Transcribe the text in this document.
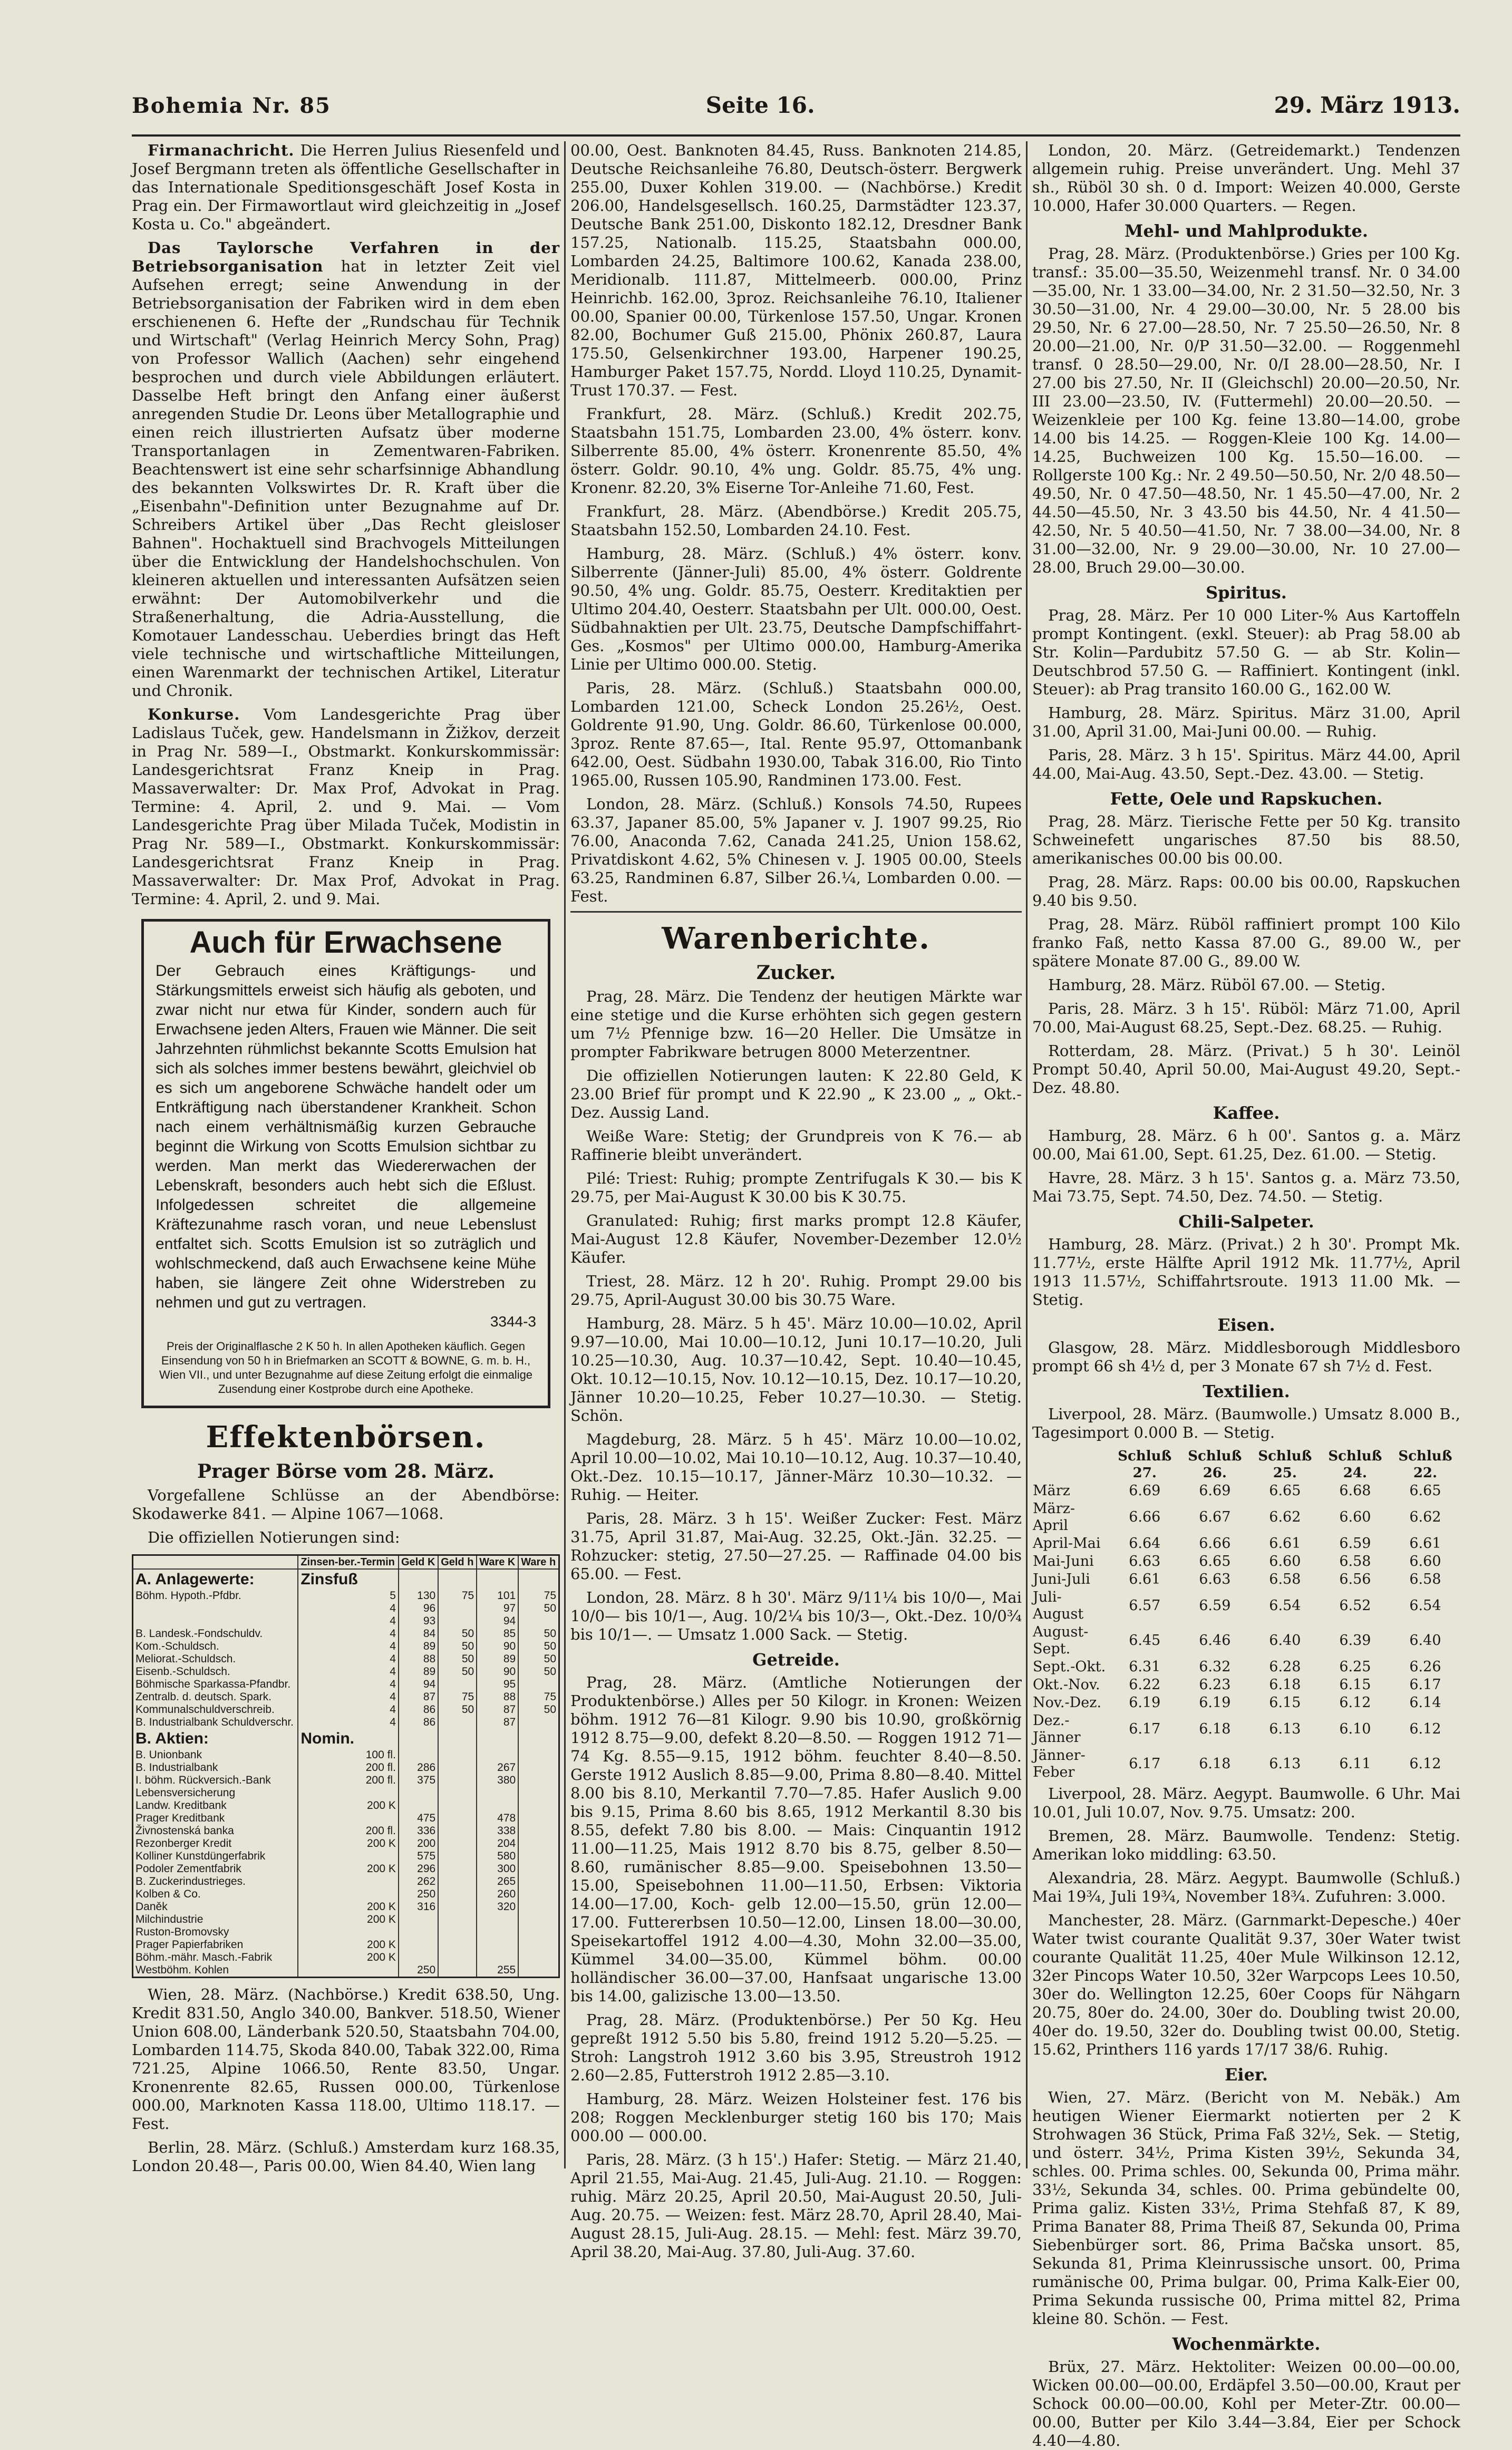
Bohemia Nr. 85	Seite 16.	29. März 1913.

Firmanachricht. Die Herren Julius Riesenfeld und Josef Bergmann treten als öffentliche Gesellschafter in das Internationale Speditionsgeschäft Josef Kosta in Prag ein. Der Firmawortlaut wird gleichzeitig in „Josef Kosta u. Co." abgeändert.

Das Taylorsche Verfahren in der Betriebsorganisation hat in letzter Zeit viel Aufsehen erregt; seine Anwendung in der Betriebsorganisation der Fabriken wird in dem eben erschienenen 6. Hefte der „Rundschau für Technik und Wirtschaft" (Verlag Heinrich Mercy Sohn, Prag) von Professor Wallich (Aachen) sehr eingehend besprochen und durch viele Abbildungen erläutert. Dasselbe Heft bringt den Anfang einer äußerst anregenden Studie Dr. Leons über Metallographie und einen reich illustrierten Aufsatz über moderne Transportanlagen in Zementwaren-Fabriken. Beachtenswert ist eine sehr scharfsinnige Abhandlung des bekannten Volkswirtes Dr. R. Kraft über die „Eisenbahn"-Definition unter Bezugnahme auf Dr. Schreibers Artikel über „Das Recht gleisloser Bahnen". Hochaktuell sind Brachvogels Mitteilungen über die Entwicklung der Handelshochschulen. Von kleineren aktuellen und interessanten Aufsätzen seien erwähnt: Der Automobilverkehr und die Straßenerhaltung, die Adria-Ausstellung, die Komotauer Landesschau. Ueberdies bringt das Heft viele technische und wirtschaftliche Mitteilungen, einen Warenmarkt der technischen Artikel, Literatur und Chronik.

Konkurse. Vom Landesgerichte Prag über Ladislaus Tuček, gew. Handelsmann in Žižkov, derzeit in Prag Nr. 589—I., Obstmarkt. Konkurskommissär: Landesgerichtsrat Franz Kneip in Prag. Massaverwalter: Dr. Max Prof, Advokat in Prag. Termine: 4. April, 2. und 9. Mai. — Vom Landesgerichte Prag über Milada Tuček, Modistin in Prag Nr. 589—I., Obstmarkt. Konkurskommissär: Landesgerichtsrat Franz Kneip in Prag. Massaverwalter: Dr. Max Prof, Advokat in Prag. Termine: 4. April, 2. und 9. Mai.

Auch für Erwachsene
Der Gebrauch eines Kräftigungs- und Stärkungsmittels erweist sich häufig als geboten, und zwar nicht nur etwa für Kinder, sondern auch für Erwachsene jeden Alters, Frauen wie Männer. Die seit Jahrzehnten rühmlichst bekannte Scotts Emulsion hat sich als solches immer bestens bewährt, gleichviel ob es sich um angeborene Schwäche handelt oder um Entkräftigung nach überstandener Krankheit. Schon nach einem verhältnismäßig kurzen Gebrauche beginnt die Wirkung von Scotts Emulsion sichtbar zu werden. Man merkt das Wiedererwachen der Lebenskraft, besonders auch hebt sich die Eßlust. Infolgedessen schreitet die allgemeine Kräftezunahme rasch voran, und neue Lebenslust entfaltet sich. Scotts Emulsion ist so zuträglich und wohlschmeckend, daß auch Erwachsene keine Mühe haben, sie längere Zeit ohne Widerstreben zu nehmen und gut zu vertragen.
3344-3
Preis der Originalflasche 2 K 50 h. In allen Apotheken käuflich. Gegen Einsendung von 50 h in Briefmarken an SCOTT & BOWNE, G. m. b. H., Wien VII., und unter Bezugnahme auf diese Zeitung erfolgt die einmalige Zusendung einer Kostprobe durch eine Apotheke.
Effektenbörsen.
Prager Börse vom 28. März.

Vorgefallene Schlüsse an der Abendbörse: Skodawerke 841. — Alpine 1067—1068.

Die offiziellen Notierungen sind:

	Zinsen-ber.-Termin	Geld K	Geld h	Ware K	Ware h
A. Anlagewerte:	Zinsfuß				
Böhm. Hypoth.-Pfdbr.	5	130	75	101	75
	4	96		97	50
	4	93		94	
B. Landesk.-Fondschuldv.	4	84	50	85	50
Kom.-Schuldsch.	4	89	50	90	50
Meliorat.-Schuldsch.	4	88	50	89	50
Eisenb.-Schuldsch.	4	89	50	90	50
Böhmische Sparkassa-Pfandbr.	4	94		95	
Zentralb. d. deutsch. Spark.	4	87	75	88	75
Kommunalschuldverschreib.	4	86	50	87	50
B. Industrialbank Schuldverschr.	4	86		87	
B. Aktien:	Nomin.				
B. Unionbank	100 fl.				
B. Industrialbank	200 fl.	286		267	
I. böhm. Rückversich.-Bank	200 fl.	375		380	
Lebensversicherung					
Landw. Kreditbank	200 K				
Prager Kreditbank		475		478	
Živnostenská banka	200 fl.	336		338	
Rezonberger Kredit	200 K	200		204	
Kolliner Kunstdüngerfabrik		575		580	
Podoler Zementfabrik	200 K	296		300	
B. Zuckerindustrieges.		262		265	
Kolben & Co.		250		260	
Daněk	200 K	316		320	
Milchindustrie	200 K				
Ruston-Bromovsky					
Prager Papierfabriken	200 K				
Böhm.-mähr. Masch.-Fabrik	200 K				
Westböhm. Kohlen		250		255	

Wien, 28. März. (Nachbörse.) Kredit 638.50, Ung. Kredit 831.50, Anglo 340.00, Bankver. 518.50, Wiener Union 608.00, Länderbank 520.50, Staatsbahn 704.00, Lombarden 114.75, Skoda 840.00, Tabak 322.00, Rima 721.25, Alpine 1066.50, Rente 83.50, Ungar. Kronenrente 82.65, Russen 000.00, Türkenlose 000.00, Marknoten Kassa 118.00, Ultimo 118.17. — Fest.

Berlin, 28. März. (Schluß.) Amsterdam kurz 168.35, London 20.48—, Paris 00.00, Wien 84.40, Wien lang

00.00, Oest. Banknoten 84.45, Russ. Banknoten 214.85, Deutsche Reichsanleihe 76.80, Deutsch-österr. Bergwerk 255.00, Duxer Kohlen 319.00. — (Nachbörse.) Kredit 206.00, Handelsgesellsch. 160.25, Darmstädter 123.37, Deutsche Bank 251.00, Diskonto 182.12, Dresdner Bank 157.25, Nationalb. 115.25, Staatsbahn 000.00, Lombarden 24.25, Baltimore 100.62, Kanada 238.00, Meridionalb. 111.87, Mittelmeerb. 000.00, Prinz Heinrichb. 162.00, 3proz. Reichsanleihe 76.10, Italiener 00.00, Spanier 00.00, Türkenlose 157.50, Ungar. Kronen 82.00, Bochumer Guß 215.00, Phönix 260.87, Laura 175.50, Gelsenkirchner 193.00, Harpener 190.25, Hamburger Paket 157.75, Nordd. Lloyd 110.25, Dynamit-Trust 170.37. — Fest.

Frankfurt, 28. März. (Schluß.) Kredit 202.75, Staatsbahn 151.75, Lombarden 23.00, 4% österr. konv. Silberrente 85.00, 4% österr. Kronenrente 85.50, 4% österr. Goldr. 90.10, 4% ung. Goldr. 85.75, 4% ung. Kronenr. 82.20, 3% Eiserne Tor-Anleihe 71.60, Fest.

Frankfurt, 28. März. (Abendbörse.) Kredit 205.75, Staatsbahn 152.50, Lombarden 24.10. Fest.

Hamburg, 28. März. (Schluß.) 4% österr. konv. Silberrente (Jänner-Juli) 85.00, 4% österr. Goldrente 90.50, 4% ung. Goldr. 85.75, Oesterr. Kreditaktien per Ultimo 204.40, Oesterr. Staatsbahn per Ult. 000.00, Oest. Südbahnaktien per Ult. 23.75, Deutsche Dampfschiffahrt-Ges. „Kosmos" per Ultimo 000.00, Hamburg-Amerika Linie per Ultimo 000.00. Stetig.

Paris, 28. März. (Schluß.) Staatsbahn 000.00, Lombarden 121.00, Scheck London 25.26½, Oest. Goldrente 91.90, Ung. Goldr. 86.60, Türkenlose 00.000, 3proz. Rente 87.65—, Ital. Rente 95.97, Ottomanbank 642.00, Oest. Südbahn 1930.00, Tabak 316.00, Rio Tinto 1965.00, Russen 105.90, Randminen 173.00. Fest.

London, 28. März. (Schluß.) Konsols 74.50, Rupees 63.37, Japaner 85.00, 5% Japaner v. J. 1907 99.25, Rio 76.00, Anaconda 7.62, Canada 241.25, Union 158.62, Privatdiskont 4.62, 5% Chinesen v. J. 1905 00.00, Steels 63.25, Randminen 6.87, Silber 26.¼, Lombarden 0.00. — Fest.

Warenberichte.
Zucker.

Prag, 28. März. Die Tendenz der heutigen Märkte war eine stetige und die Kurse erhöhten sich gegen gestern um 7½ Pfennige bzw. 16—20 Heller. Die Umsätze in prompter Fabrikware betrugen 8000 Meterzentner.

Die offiziellen Notierungen lauten: K 22.80 Geld, K 23.00 Brief für prompt und K 22.90 „ K 23.00 „ „ Okt.-Dez. Aussig Land.

Weiße Ware: Stetig; der Grundpreis von K 76.— ab Raffinerie bleibt unverändert.

Pilé: Triest: Ruhig; prompte Zentrifugals K 30.— bis K 29.75, per Mai-August K 30.00 bis K 30.75.

Granulated: Ruhig; first marks prompt 12.8 Käufer, Mai-August 12.8 Käufer, November-Dezember 12.0½ Käufer.

Triest, 28. März. 12 h 20'. Ruhig. Prompt 29.00 bis 29.75, April-August 30.00 bis 30.75 Ware.

Hamburg, 28. März. 5 h 45'. März 10.00—10.02, April 9.97—10.00, Mai 10.00—10.12, Juni 10.17—10.20, Juli 10.25—10.30, Aug. 10.37—10.42, Sept. 10.40—10.45, Okt. 10.12—10.15, Nov. 10.12—10.15, Dez. 10.17—10.20, Jänner 10.20—10.25, Feber 10.27—10.30. — Stetig. Schön.

Magdeburg, 28. März. 5 h 45'. März 10.00—10.02, April 10.00—10.02, Mai 10.10—10.12, Aug. 10.37—10.40, Okt.-Dez. 10.15—10.17, Jänner-März 10.30—10.32. — Ruhig. — Heiter.

Paris, 28. März. 3 h 15'. Weißer Zucker: Fest. März 31.75, April 31.87, Mai-Aug. 32.25, Okt.-Jän. 32.25. — Rohzucker: stetig, 27.50—27.25. — Raffinade 04.00 bis 65.00. — Fest.

London, 28. März. 8 h 30'. März 9/11¼ bis 10/0—, Mai 10/0— bis 10/1—, Aug. 10/2¼ bis 10/3—, Okt.-Dez. 10/0¾ bis 10/1—. — Umsatz 1.000 Sack. — Stetig.

Getreide.

Prag, 28. März. (Amtliche Notierungen der Produktenbörse.) Alles per 50 Kilogr. in Kronen: Weizen böhm. 1912 76—81 Kilogr. 9.90 bis 10.90, großkörnig 1912 8.75—9.00, defekt 8.20—8.50. — Roggen 1912 71—74 Kg. 8.55—9.15, 1912 böhm. feuchter 8.40—8.50. Gerste 1912 Auslich 8.85—9.00, Prima 8.80—8.40. Mittel 8.00 bis 8.10, Merkantil 7.70—7.85. Hafer Auslich 9.00 bis 9.15, Prima 8.60 bis 8.65, 1912 Merkantil 8.30 bis 8.55, defekt 7.80 bis 8.00. — Mais: Cinquantin 1912 11.00—11.25, Mais 1912 8.70 bis 8.75, gelber 8.50—8.60, rumänischer 8.85—9.00. Speisebohnen 13.50—15.00, Speisebohnen 11.00—11.50, Erbsen: Viktoria 14.00—17.00, Koch- gelb 12.00—15.50, grün 12.00—17.00. Futtererbsen 10.50—12.00, Linsen 18.00—30.00, Speisekartoffel 1912 4.00—4.30, Mohn 32.00—35.00, Kümmel 34.00—35.00, Kümmel böhm. 00.00 holländischer 36.00—37.00, Hanfsaat ungarische 13.00 bis 14.00, galizische 13.00—13.50.

Prag, 28. März. (Produktenbörse.) Per 50 Kg. Heu gepreßt 1912 5.50 bis 5.80, freind 1912 5.20—5.25. — Stroh: Langstroh 1912 3.60 bis 3.95, Streustroh 1912 2.60—2.85, Futterstroh 1912 2.85—3.10.

Hamburg, 28. März. Weizen Holsteiner fest. 176 bis 208; Roggen Mecklenburger stetig 160 bis 170; Mais 000.00 — 000.00.

Paris, 28. März. (3 h 15'.) Hafer: Stetig. — März 21.40, April 21.55, Mai-Aug. 21.45, Juli-Aug. 21.10. — Roggen: ruhig. März 20.25, April 20.50, Mai-August 20.50, Juli-Aug. 20.75. — Weizen: fest. März 28.70, April 28.40, Mai-August 28.15, Juli-Aug. 28.15. — Mehl: fest. März 39.70, April 38.20, Mai-Aug. 37.80, Juli-Aug. 37.60.

London, 20. März. (Getreidemarkt.) Tendenzen allgemein ruhig. Preise unverändert. Ung. Mehl 37 sh., Rüböl 30 sh. 0 d. Import: Weizen 40.000, Gerste 10.000, Hafer 30.000 Quarters. — Regen.

Mehl- und Mahlprodukte.

Prag, 28. März. (Produktenbörse.) Gries per 100 Kg. transf.: 35.00—35.50, Weizenmehl transf. Nr. 0 34.00—35.00, Nr. 1 33.00—34.00, Nr. 2 31.50—32.50, Nr. 3 30.50—31.00, Nr. 4 29.00—30.00, Nr. 5 28.00 bis 29.50, Nr. 6 27.00—28.50, Nr. 7 25.50—26.50, Nr. 8 20.00—21.00, Nr. 0/P 31.50—32.00. — Roggenmehl transf. 0 28.50—29.00, Nr. 0/I 28.00—28.50, Nr. I 27.00 bis 27.50, Nr. II (Gleichschl) 20.00—20.50, Nr. III 23.00—23.50, IV. (Futtermehl) 20.00—20.50. — Weizenkleie per 100 Kg. feine 13.80—14.00, grobe 14.00 bis 14.25. — Roggen-Kleie 100 Kg. 14.00—14.25, Buchweizen 100 Kg. 15.50—16.00. — Rollgerste 100 Kg.: Nr. 2 49.50—50.50, Nr. 2/0 48.50—49.50, Nr. 0 47.50—48.50, Nr. 1 45.50—47.00, Nr. 2 44.50—45.50, Nr. 3 43.50 bis 44.50, Nr. 4 41.50—42.50, Nr. 5 40.50—41.50, Nr. 7 38.00—34.00, Nr. 8 31.00—32.00, Nr. 9 29.00—30.00, Nr. 10 27.00—28.00, Bruch 29.00—30.00.

Spiritus.

Prag, 28. März. Per 10 000 Liter-% Aus Kartoffeln prompt Kontingent. (exkl. Steuer): ab Prag 58.00 ab Str. Kolin—Pardubitz 57.50 G. — ab Str. Kolin—Deutschbrod 57.50 G. — Raffiniert. Kontingent (inkl. Steuer): ab Prag transito 160.00 G., 162.00 W.

Hamburg, 28. März. Spiritus. März 31.00, April 31.00, April 31.00, Mai-Juni 00.00. — Ruhig.

Paris, 28. März. 3 h 15'. Spiritus. März 44.00, April 44.00, Mai-Aug. 43.50, Sept.-Dez. 43.00. — Stetig.

Fette, Oele und Rapskuchen.

Prag, 28. März. Tierische Fette per 50 Kg. transito Schweinefett ungarisches 87.50 bis 88.50, amerikanisches 00.00 bis 00.00.

Prag, 28. März. Raps: 00.00 bis 00.00, Rapskuchen 9.40 bis 9.50.

Prag, 28. März. Rüböl raffiniert prompt 100 Kilo franko Faß, netto Kassa 87.00 G., 89.00 W., per spätere Monate 87.00 G., 89.00 W.

Hamburg, 28. März. Rüböl 67.00. — Stetig.

Paris, 28. März. 3 h 15'. Rüböl: März 71.00, April 70.00, Mai-August 68.25, Sept.-Dez. 68.25. — Ruhig.

Rotterdam, 28. März. (Privat.) 5 h 30'. Leinöl Prompt 50.40, April 50.00, Mai-August 49.20, Sept.-Dez. 48.80.

Kaffee.

Hamburg, 28. März. 6 h 00'. Santos g. a. März 00.00, Mai 61.00, Sept. 61.25, Dez. 61.00. — Stetig.

Havre, 28. März. 3 h 15'. Santos g. a. März 73.50, Mai 73.75, Sept. 74.50, Dez. 74.50. — Stetig.

Chili-Salpeter.

Hamburg, 28. März. (Privat.) 2 h 30'. Prompt Mk. 11.77½, erste Hälfte April 1912 Mk. 11.77½, April 1913 11.57½, Schiffahrtsroute. 1913 11.00 Mk. — Stetig.

Eisen.

Glasgow, 28. März. Middlesborough Middlesboro prompt 66 sh 4½ d, per 3 Monate 67 sh 7½ d. Fest.

Textilien.

Liverpool, 28. März. (Baumwolle.) Umsatz 8.000 B., Tagesimport 0.000 B. — Stetig.

	Schluß 27.	Schluß 26.	Schluß 25.	Schluß 24.	Schluß 22.
März	6.69	6.69	6.65	6.68	6.65
März-April	6.66	6.67	6.62	6.60	6.62
April-Mai	6.64	6.66	6.61	6.59	6.61
Mai-Juni	6.63	6.65	6.60	6.58	6.60
Juni-Juli	6.61	6.63	6.58	6.56	6.58
Juli-August	6.57	6.59	6.54	6.52	6.54
August-Sept.	6.45	6.46	6.40	6.39	6.40
Sept.-Okt.	6.31	6.32	6.28	6.25	6.26
Okt.-Nov.	6.22	6.23	6.18	6.15	6.17
Nov.-Dez.	6.19	6.19	6.15	6.12	6.14
Dez.-Jänner	6.17	6.18	6.13	6.10	6.12
Jänner-Feber	6.17	6.18	6.13	6.11	6.12

Liverpool, 28. März. Aegypt. Baumwolle. 6 Uhr. Mai 10.01, Juli 10.07, Nov. 9.75. Umsatz: 200.

Bremen, 28. März. Baumwolle. Tendenz: Stetig. Amerikan loko middling: 63.50.

Alexandria, 28. März. Aegypt. Baumwolle (Schluß.) Mai 19¾, Juli 19¾, November 18¾. Zufuhren: 3.000.

Manchester, 28. März. (Garnmarkt-Depesche.) 40er Water twist courante Qualität 9.37, 30er Water twist courante Qualität 11.25, 40er Mule Wilkinson 12.12, 32er Pincops Water 10.50, 32er Warpcops Lees 10.50, 30er do. Wellington 12.25, 60er Coops für Nähgarn 20.75, 80er do. 24.00, 30er do. Doubling twist 20.00, 40er do. 19.50, 32er do. Doubling twist 00.00, Stetig. 15.62, Printhers 116 yards 17/17 38/6. Ruhig.

Eier.

Wien, 27. März. (Bericht von M. Nebäk.) Am heutigen Wiener Eiermarkt notierten per 2 K Strohwagen 36 Stück, Prima Faß 32½, Sek. — Stetig, und österr. 34½, Prima Kisten 39½, Sekunda 34, schles. 00. Prima schles. 00, Sekunda 00, Prima mähr. 33½, Sekunda 34, schles. 00. Prima gebündelte 00, Prima galiz. Kisten 33½, Prima Stehfaß 87, K 89, Prima Banater 88, Prima Theiß 87, Sekunda 00, Prima Siebenbürger sort. 86, Prima Bačska unsort. 85, Sekunda 81, Prima Kleinrussische unsort. 00, Prima rumänische 00, Prima bulgar. 00, Prima Kalk-Eier 00, Prima Sekunda russische 00, Prima mittel 82, Prima kleine 80. Schön. — Fest.

Wochenmärkte.

Brüx, 27. März. Hektoliter: Weizen 00.00—00.00, Wicken 00.00—00.00, Erdäpfel 3.50—00.00, Kraut per Schock 00.00—00.00, Kohl per Meter-Ztr. 00.00—00.00, Butter per Kilo 3.44—3.84, Eier per Schock 4.40—4.80.
